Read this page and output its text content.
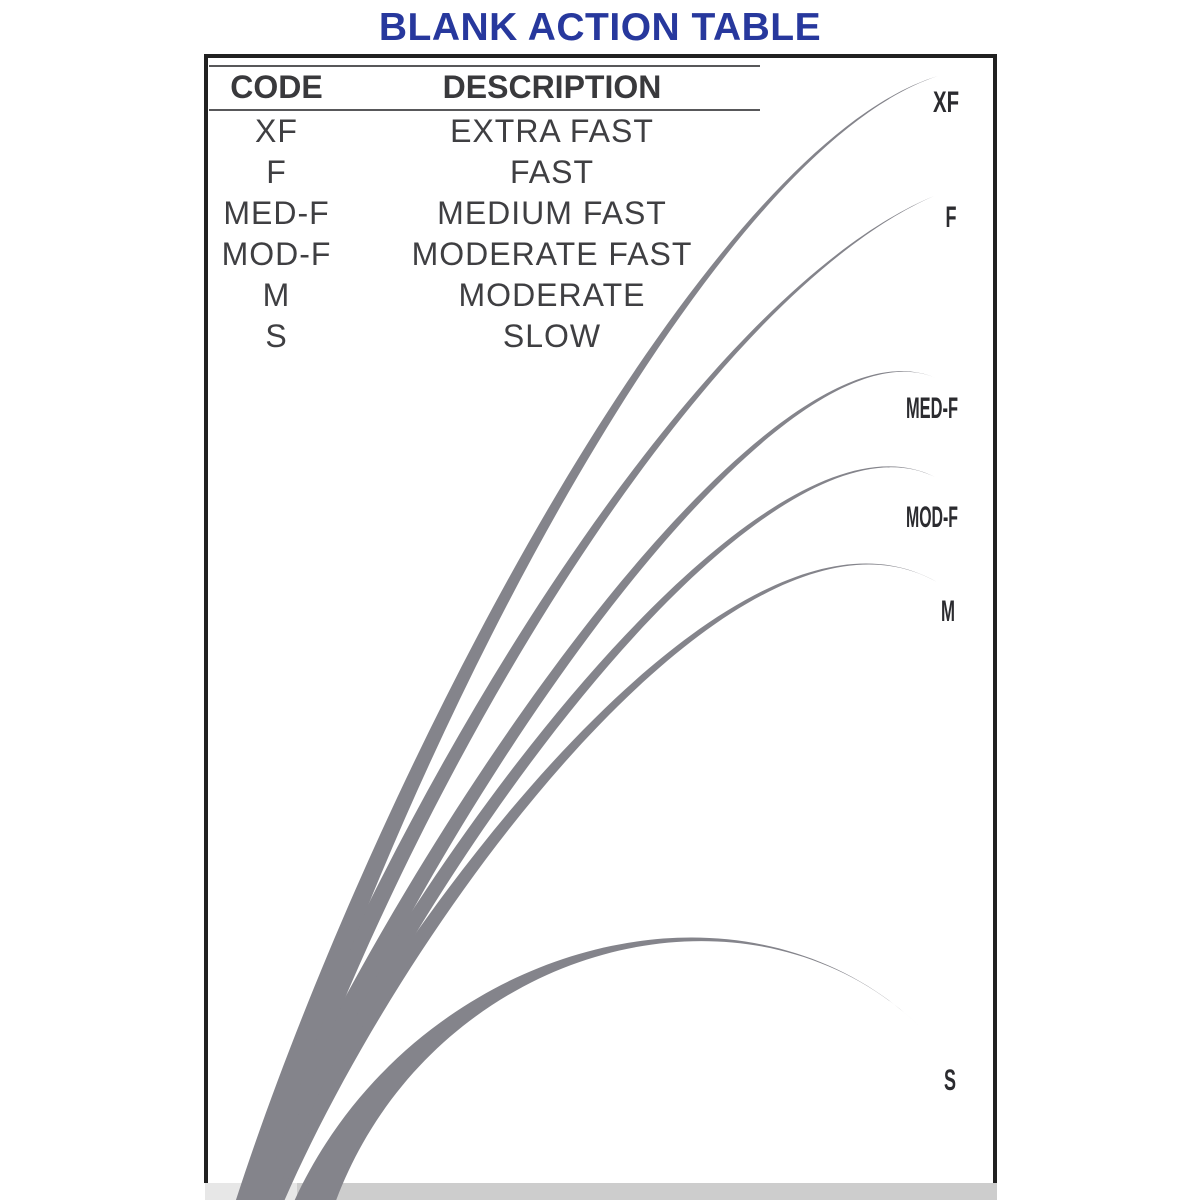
BLANK ACTION TABLE
XF
F
MED-F
MOD-F
M
S
CODE	DESCRIPTION
XF	EXTRA FAST
F	FAST
MED-F	MEDIUM FAST
MOD-F	MODERATE FAST
M	MODERATE
S	SLOW
